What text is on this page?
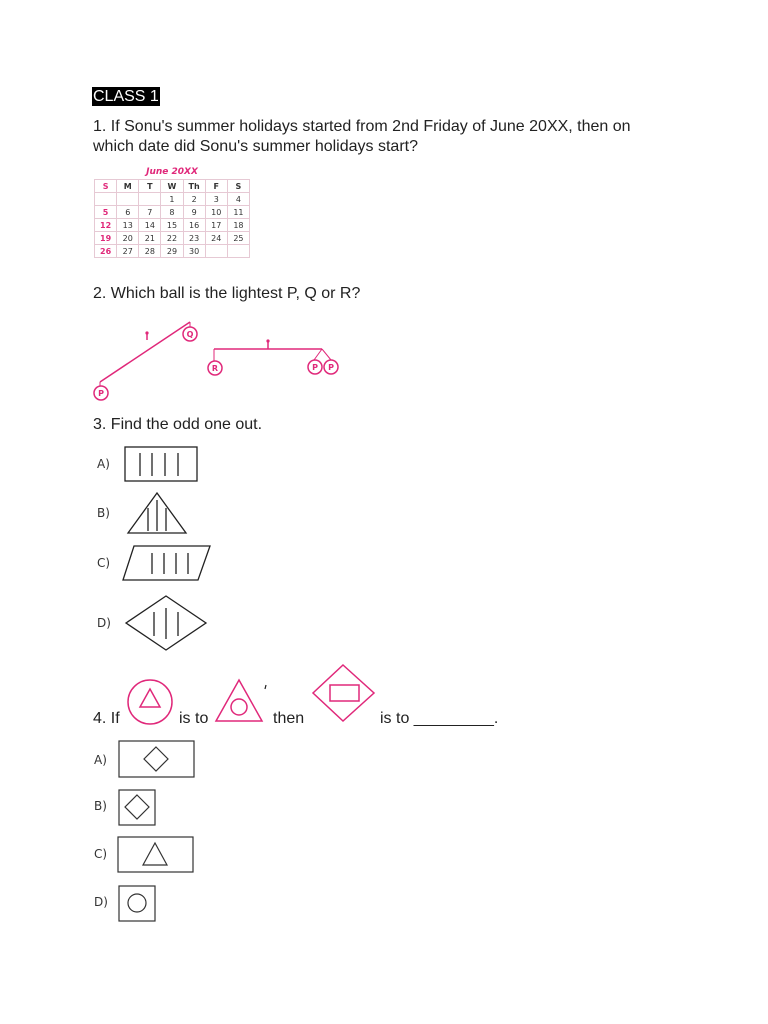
CLASS 1
1. If Sonu's summer holidays started from 2nd Friday of June 20XX, then on
which date did Sonu's summer holidays start?
June 20XX						
S	M	T	W	Th	F	S
			1	2	3	4
5	6	7	8	9	10	11
12	13	14	15	16	17	18
19	20	21	22	23	24	25
26	27	28	29	30		
2. Which ball is the lightest P, Q or R?
Q
P
R	P P
3. Find the odd one out.
A)
B)
C)
D)
4. If	is to	then	is to _________.
A)
B)
C)
D)
